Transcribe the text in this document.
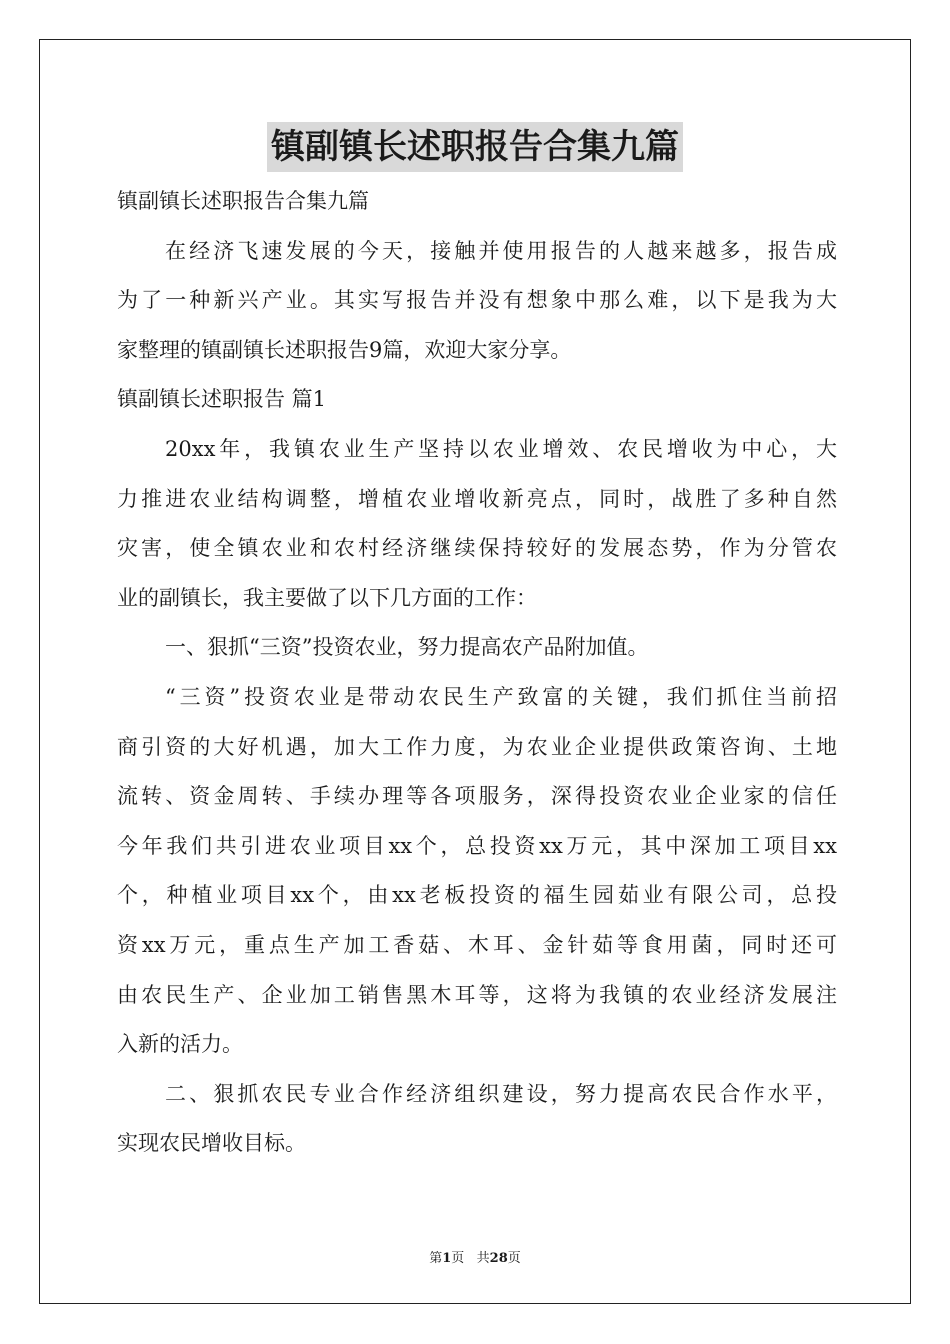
镇副镇长述职报告合集九篇
镇副镇长述职报告合集九篇
在经济飞速发展的今天，接触并使用报告的人越来越多，报告成
为了一种新兴产业。其实写报告并没有想象中那么难，以下是我为大
家整理的镇副镇长述职报告9篇，欢迎大家分享。
镇副镇长述职报告 篇1
20xx年，我镇农业生产坚持以农业增效、农民增收为中心，大
力推进农业结构调整，增植农业增收新亮点，同时，战胜了多种自然
灾害，使全镇农业和农村经济继续保持较好的发展态势，作为分管农
业的副镇长，我主要做了以下几方面的工作：
一、狠抓“三资”投资农业，努力提高农产品附加值。
“三资”投资农业是带动农民生产致富的关键，我们抓住当前招
商引资的大好机遇，加大工作力度，为农业企业提供政策咨询、土地
流转、资金周转、手续办理等各项服务，深得投资农业企业家的信任
今年我们共引进农业项目xx个，总投资xx万元，其中深加工项目xx
个，种植业项目xx个，由xx老板投资的福生园茹业有限公司，总投
资xx万元，重点生产加工香菇、木耳、金针茹等食用菌，同时还可
由农民生产、企业加工销售黑木耳等，这将为我镇的农业经济发展注
入新的活力。
二、狠抓农民专业合作经济组织建设，努力提高农民合作水平，
实现农民增收目标。
第1页   共28页
